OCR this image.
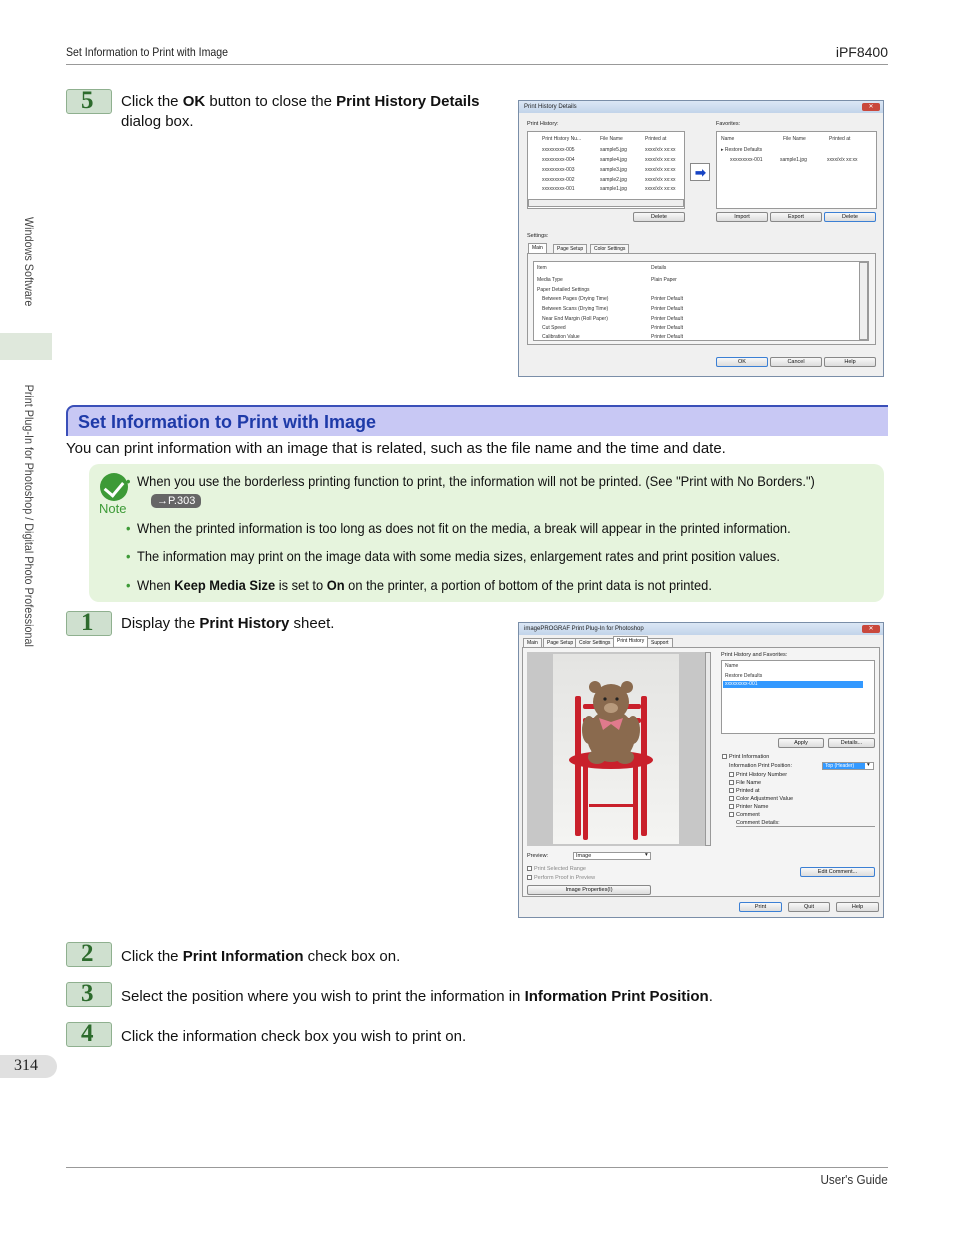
Set Information to Print with Image	iPF8400
Windows Software
Print Plug-In for Photoshop / Digital Photo Professional
5 Click the OK button to close the Print History Details dialog box.
Print History Details	✕
Print History:
Print History Nu...	File Name	Printed at
xxxxxxxxx-005	sample5.jpg	xxxx/x/x xx:xx
xxxxxxxxx-004	sample4.jpg	xxxx/x/x xx:xx
xxxxxxxxx-003	sample3.jpg	xxxx/x/x xx:xx
xxxxxxxxx-002	sample2.jpg	xxxx/x/x xx:xx
xxxxxxxxx-001	sample1.jpg	xxxx/x/x xx:xx
➡
Favorites:
Name	File Name	Printed at
▸ Restore Defaults
xxxxxxxxx-001	sample1.jpg	xxxx/x/x xx:xx
Delete	Import	Export	Delete
Settings:
Main	Page Setup	Color Settings
Item	Details
Media Type	Plain Paper
Paper Detailed Settings
Between Pages (Drying Time)	Printer Default
Between Scans (Drying Time)	Printer Default
Near End Margin (Roll Paper)	Printer Default
Cut Speed	Printer Default
Calibration Value	Printer Default
OK	Cancel	Help
Set Information to Print with Image
You can print information with an image that is related, such as the file name and the time and date.
Note
• When you use the borderless printing function to print, the information will not be printed. (See "Print with No Borders.")
→P.303
• When the printed information is too long as does not fit on the media, a break will appear in the printed information.
• The information may print on the image data with some media sizes, enlargement rates and print position values.
• When Keep Media Size is set to On on the printer, a portion of bottom of the print data is not printed.
1 Display the Print History sheet.	imagePROGRAF Print Plug-In for Photoshop	✕
Main	Page Setup	Color Settings	Print History	Support
Print History and Favorites:
Name
Restore Defaults
xxxxxxxxx-001
Apply	Details...
Print Information
Information Print Position:	Top (Header)	▾
Print History Number
File Name
Printed at
Color Adjustment Value
Printer Name
Comment
Comment Details:
Preview:	Image	▾
Print Selected Range
Perform Proof in Preview
Image Properties(I)
Edit Comment...
Print	Quit	Help
2 Click the Print Information check box on.
3 Select the position where you wish to print the information in Information Print Position.
4 Click the information check box you wish to print on.
314
User's Guide
